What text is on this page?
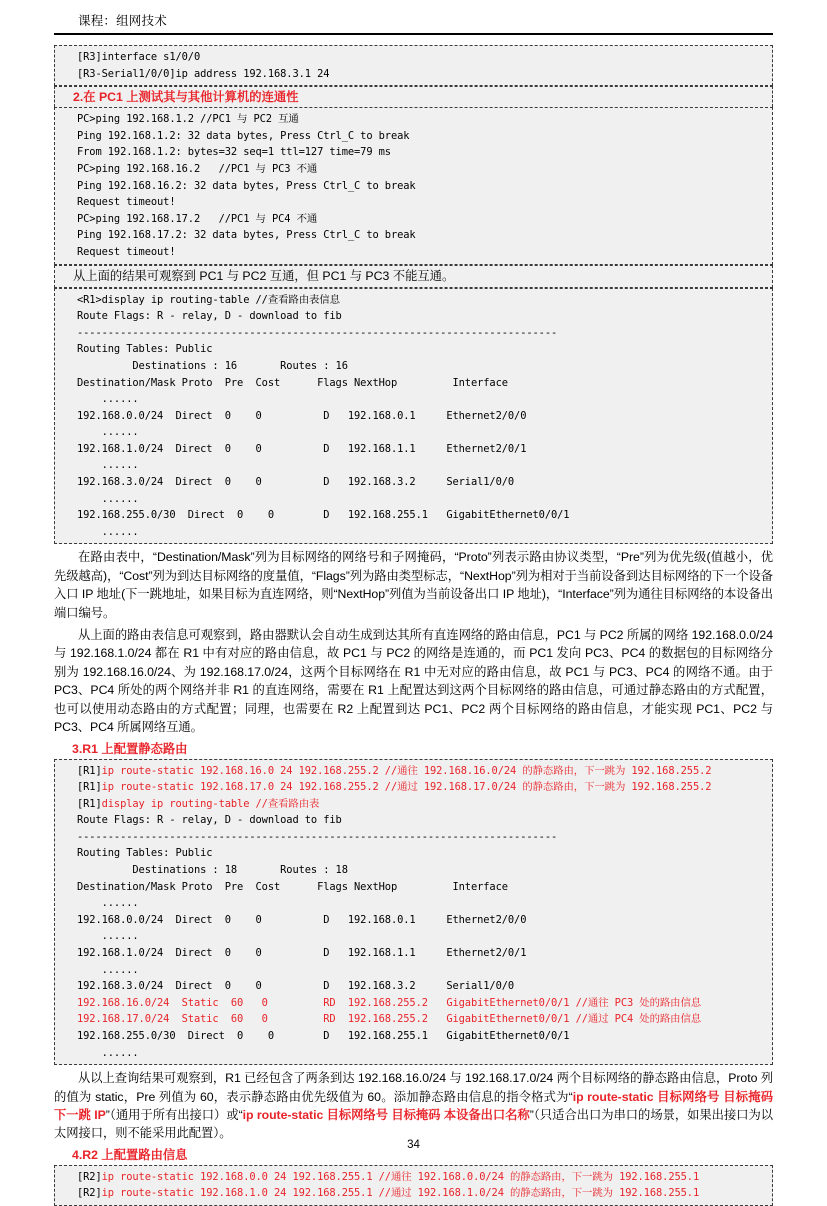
课程：组网技术
[R3]interface s1/0/0
[R3-Serial1/0/0]ip address 192.168.3.1 24
2.在 PC1 上测试其与其他计算机的连通性
PC>ping 192.168.1.2 //PC1 与 PC2 互通
Ping 192.168.1.2: 32 data bytes, Press Ctrl_C to break
From 192.168.1.2: bytes=32 seq=1 ttl=127 time=79 ms
PC>ping 192.168.16.2   //PC1 与 PC3 不通
Ping 192.168.16.2: 32 data bytes, Press Ctrl_C to break
Request timeout!
PC>ping 192.168.17.2   //PC1 与 PC4 不通
Ping 192.168.17.2: 32 data bytes, Press Ctrl_C to break
Request timeout!
从上面的结果可观察到 PC1 与 PC2 互通，但 PC1 与 PC3 不能互通。
<R1>display ip routing-table //查看路由表信息
Route Flags: R - relay, D - download to fib
------------------------------------------------------------------------------
Routing Tables: Public
Destinations : 16       Routes : 16
Destination/Mask Proto  Pre  Cost      Flags NextHop         Interface
......
192.168.0.0/24  Direct  0    0          D   192.168.0.1     Ethernet2/0/0
......
192.168.1.0/24  Direct  0    0          D   192.168.1.1     Ethernet2/0/1
......
192.168.3.0/24  Direct  0    0          D   192.168.3.2     Serial1/0/0
......
192.168.255.0/30  Direct  0    0        D   192.168.255.1   GigabitEthernet0/0/1
......

在路由表中，“Destination/Mask”列为目标网络的网络号和子网掩码，“Proto”列表示路由协议类型，“Pre”列为优先级(值越小，优先级越高)，“Cost”列为到达目标网络的度量值，“Flags”列为路由类型标志，“NextHop”列为相对于当前设备到达目标网络的下一个设备入口 IP 地址(下一跳地址，如果目标为直连网络，则“NextHop”列值为当前设备出口 IP 地址)，“Interface”列为通往目标网络的本设备出端口编号。

从上面的路由表信息可观察到，路由器默认会自动生成到达其所有直连网络的路由信息，PC1 与 PC2 所属的网络 192.168.0.0/24 与 192.168.1.0/24 都在 R1 中有对应的路由信息，故 PC1 与 PC2 的网络是连通的，而 PC1 发向 PC3、PC4 的数据包的目标网络分别为 192.168.16.0/24、为 192.168.17.0/24，这两个目标网络在 R1 中无对应的路由信息，故 PC1 与 PC3、PC4 的网络不通。由于 PC3、PC4 所处的两个网络并非 R1 的直连网络，需要在 R1 上配置达到这两个目标网络的路由信息，可通过静态路由的方式配置，也可以使用动态路由的方式配置；同理，也需要在 R2 上配置到达 PC1、PC2 两个目标网络的路由信息，才能实现 PC1、PC2 与 PC3、PC4 所属网络互通。

3.R1 上配置静态路由
[R1]ip route-static 192.168.16.0 24 192.168.255.2 //通往 192.168.16.0/24 的静态路由，下一跳为 192.168.255.2
[R1]ip route-static 192.168.17.0 24 192.168.255.2 //通过 192.168.17.0/24 的静态路由，下一跳为 192.168.255.2
[R1]display ip routing-table //查看路由表
Route Flags: R - relay, D - download to fib
------------------------------------------------------------------------------
Routing Tables: Public
Destinations : 18       Routes : 18
Destination/Mask Proto  Pre  Cost      Flags NextHop         Interface
......
192.168.0.0/24  Direct  0    0          D   192.168.0.1     Ethernet2/0/0
......
192.168.1.0/24  Direct  0    0          D   192.168.1.1     Ethernet2/0/1
......
192.168.3.0/24  Direct  0    0          D   192.168.3.2     Serial1/0/0
192.168.16.0/24  Static  60   0         RD  192.168.255.2   GigabitEthernet0/0/1 //通往 PC3 处的路由信息
192.168.17.0/24  Static  60   0         RD  192.168.255.2   GigabitEthernet0/0/1 //通过 PC4 处的路由信息
192.168.255.0/30  Direct  0    0        D   192.168.255.1   GigabitEthernet0/0/1
......

从以上查询结果可观察到，R1 已经包含了两条到达 192.168.16.0/24 与 192.168.17.0/24 两个目标网络的静态路由信息，Proto 列的值为 static，Pre 列值为 60，表示静态路由优先级值为 60。添加静态路由信息的指令格式为“ip route-static 目标网络号 目标掩码 下一跳 IP”（通用于所有出接口）或“ip route-static 目标网络号 目标掩码 本设备出口名称”（只适合出口为串口的场景，如果出接口为以太网接口，则不能采用此配置）。

4.R2 上配置路由信息
[R2]ip route-static 192.168.0.0 24 192.168.255.1 //通往 192.168.0.0/24 的静态路由，下一跳为 192.168.255.1
[R2]ip route-static 192.168.1.0 24 192.168.255.1 //通过 192.168.1.0/24 的静态路由，下一跳为 192.168.255.1
34
